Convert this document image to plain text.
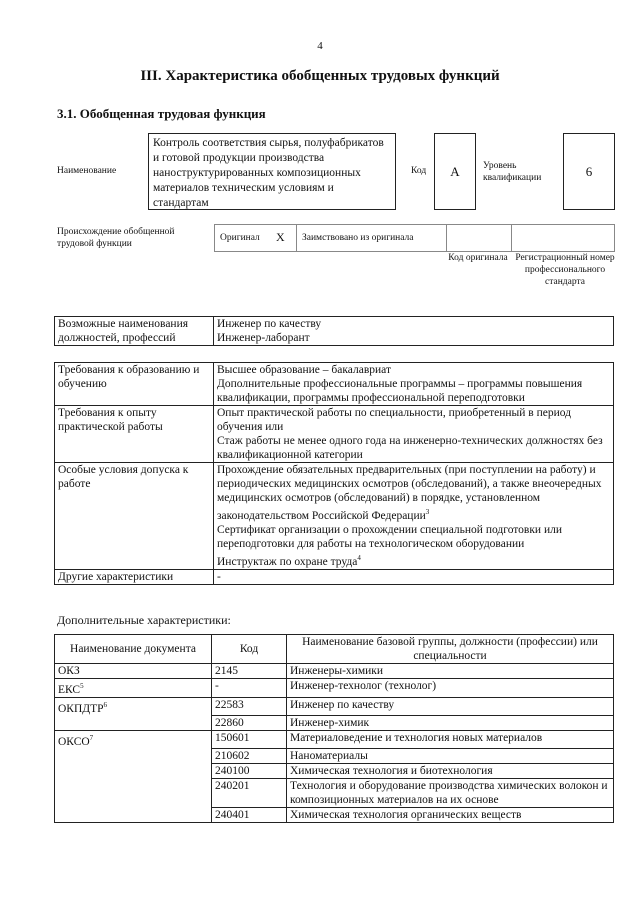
4
III. Характеристика обобщенных трудовых функций
3.1. Обобщенная трудовая функция
Наименование
Контроль соответствия сырья, полуфабрикатов и готовой продукции производства наноструктурированных композиционных материалов техническим условиям и стандартам
Код	А	Уровень квалификации	6
Происхождение обобщенной трудовой функции
Оригинал X Заимствовано из оригинала
Код оригинала Регистрационный номер профессионального стандарта
Возможные наименования должностей, профессий	
Инженер по качеству
Инженер-лаборант
Требования к образованию и обучению	Высшее образование – бакалавриат
Дополнительные профессиональные программы – программы повышения квалификации, программы профессиональной переподготовки

Требования к опыту практической работы	Опыт практической работы по специальности, приобретенный в период обучения или
Стаж работы не менее одного года на инженерно-технических должностях без квалификационной категории

Особые условия допуска к работе	Прохождение обязательных предварительных (при поступлении на работу) и периодических медицинских осмотров (обследований), а также внеочередных медицинских осмотров (обследований) в порядке, установленном законодательством Российской Федерации$^3$
Сертификат организации о прохождении специальной подготовки или переподготовки для работы на технологическом оборудовании
Инструктаж по охране труда$^4$

Другие характеристики	-
Дополнительные характеристики:
Наименование документа	Код	Наименование базовой группы, должности (профессии) или специальности
ОКЗ	2145	Инженеры-химики
ЕКС$^5$	-	Инженер-технолог (технолог)
ОКПДТР$^6$	22583	Инженер по качеству
	22860	Инженер-химик
ОКСО$^7$	150601	Материаловедение и технология новых материалов
	210602	Наноматериалы
	240100	Химическая технология и биотехнология
	240201	Технология и оборудование производства химических волокон и композиционных материалов на их основе
	240401	Химическая технология органических веществ
